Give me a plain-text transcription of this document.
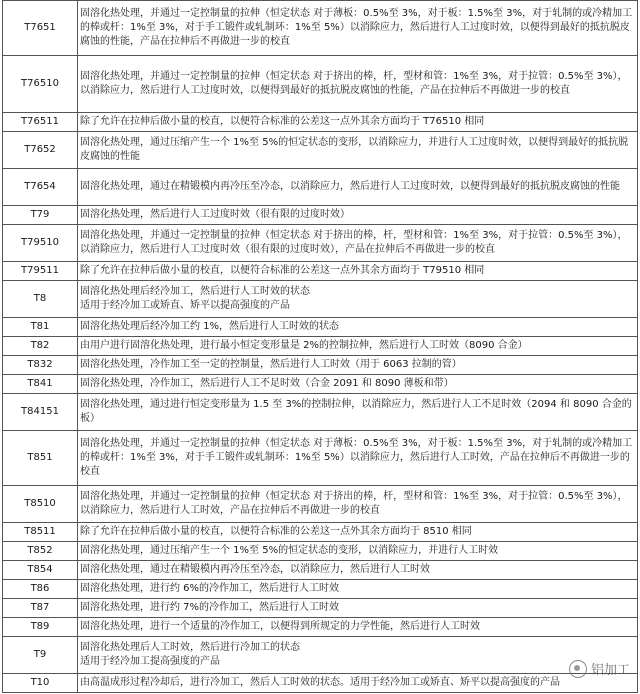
T7651	固溶化热处理，并通过一定控制量的拉伸（恒定状态 对于薄板：0.5%至 3%，对于板：1.5%至 3%，对于轧制的或冷精加工的棒或杆：1%至 3%，对于手工锻件或轧制环：1%至 5%）以消除应力，然后进行人工过度时效，以便得到最好的抵抗脱皮腐蚀的性能，产品在拉伸后不再做进一步的校直
T76510	固溶化热处理，并通过一定控制量的拉伸（恒定状态 对于挤出的棒，杆，型材和管：1%至 3%，对于拉管：0.5%至 3%），以消除应力，然后进行人工过度时效，以便得到最好的抵抗脱皮腐蚀的性能，产品在拉伸后不再做进一步的校直
T76511	除了允许在拉伸后做小量的校直，以便符合标准的公差这一点外其余方面均于 T76510 相同
T7652	固溶化热处理，通过压缩产生一个 1%至 5%的恒定状态的变形，以消除应力，并进行人工过度时效，以便得到最好的抵抗脱皮腐蚀的性能
T7654	固溶化热处理，通过在精锻模内再冷压至冷态，以消除应力，然后进行人工过度时效，以便得到最好的抵抗脱皮腐蚀的性能
T79	固溶化热处理，然后进行人工过度时效（很有限的过度时效）
T79510	固溶化热处理，并通过一定控制量的拉伸（恒定状态 对于挤出的棒，杆，型材和管：1%至 3%，对于拉管：0.5%至 3%），以消除应力，然后进行人工过度时效（很有限的过度时效），产品在拉伸后不再做进一步的校直
T79511	除了允许在拉伸后做小量的校直，以便符合标准的公差这一点外其余方面均于 T79510 相同
T8	固溶化热处理后经冷加工，然后进行人工时效的状态
适用于经冷加工或矫直、矫平以提高强度的产品
T81	固溶化热处理后经冷加工约 1%，然后进行人工时效的状态
T82	由用户进行固溶化热处理，进行最小恒定变形量是 2%的控制拉伸，然后进行人工时效（8090 合金）
T832	固溶化热处理，冷作加工至一定的控制量，然后进行人工时效（用于 6063 拉制的管）
T841	固溶化热处理，冷作加工，然后进行人工不足时效（合金 2091 和 8090 薄板和带）
T84151	固溶化热处理，通过进行恒定变形量为 1.5 至 3%的控制拉伸，以消除应力，然后进行人工不足时效（2094 和 8090 合金的板）
T851	固溶化热处理，并通过一定控制量的拉伸（恒定状态 对于薄板：0.5%至 3%，对于板：1.5%至 3%，对于轧制的或冷精加工的棒或杆：1%至 3%，对于手工锻件或轧制环：1%至 5%）以消除应力，然后进行人工时效，产品在拉伸后不再做进一步的校直
T8510	固溶化热处理，并通过一定控制量的拉伸（恒定状态 对于挤出的棒，杆，型材和管：1%至 3%，对于拉管：0.5%至 3%），以消除应力，然后进行人工时效，产品在拉伸后不再做进一步的校直
T8511	除了允许在拉伸后做小量的校直，以便符合标准的公差这一点外其余方面均于 8510 相同
T852	固溶化热处理，通过压缩产生一个 1%至 5%的恒定状态的变形，以消除应力，并进行人工时效
T854	固溶化热处理，通过在精锻模内再冷压至冷态，以消除应力，然后进行人工时效
T86	固溶化热处理，进行约 6%的冷作加工，然后进行人工时效
T87	固溶化热处理，进行约 7%的冷作加工，然后进行人工时效
T89	固溶化热处理，进行一个适量的冷作加工，以便得到所规定的力学性能，然后进行人工时效
T9	固溶化热处理后人工时效，然后进行冷加工的状态
适用于经冷加工提高强度的产品
T10	由高温成形过程冷却后，进行冷加工，然后人工时效的状态。适用于经冷加工或矫直、矫平以提高强度的产品
铝加工
